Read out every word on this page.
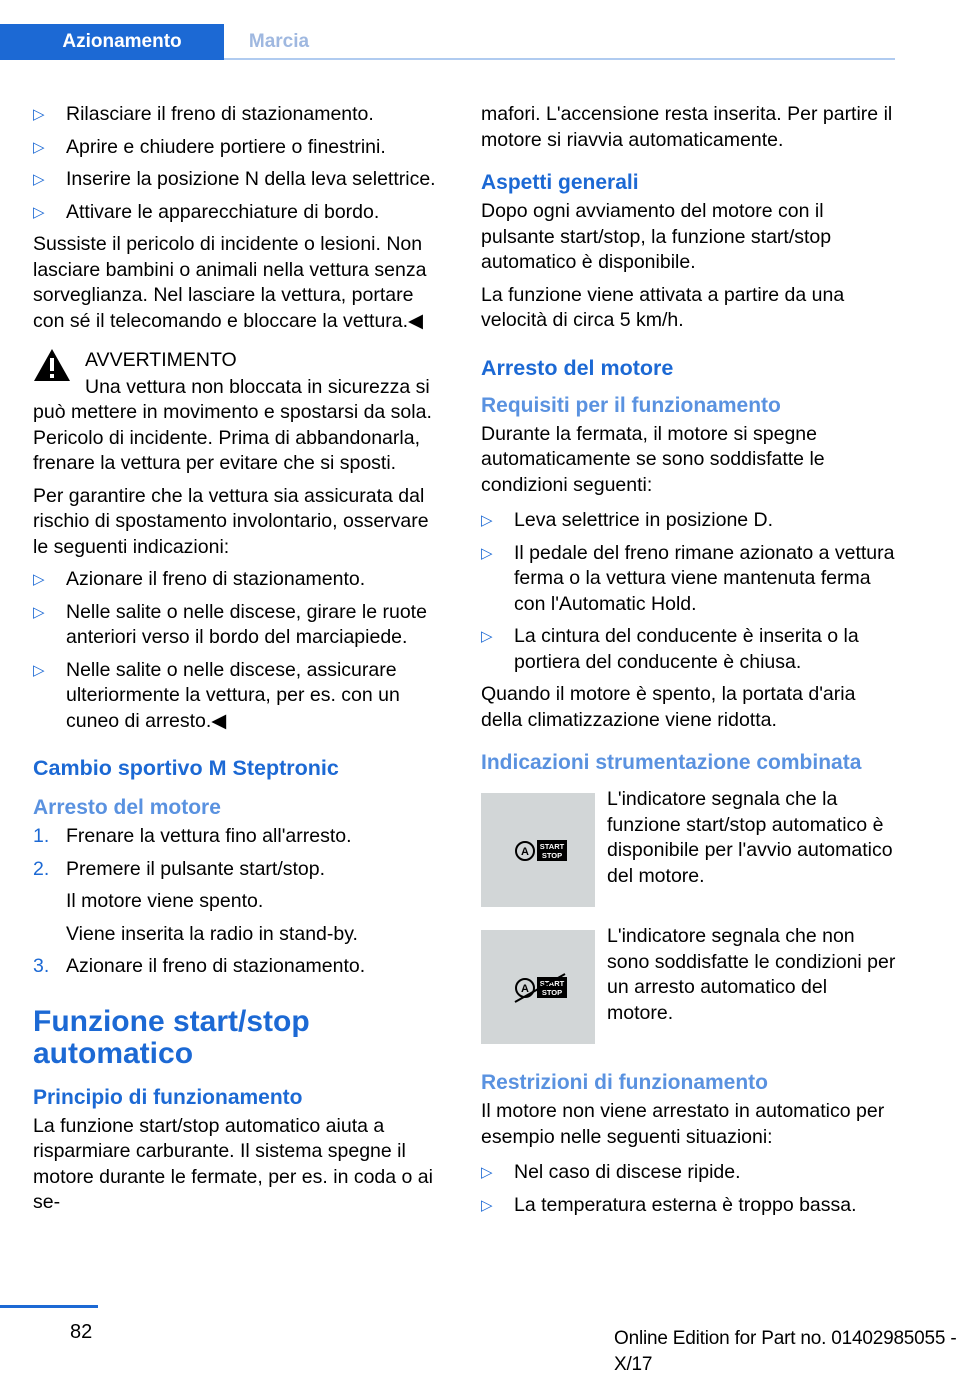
Azionamento	Marcia
▷ Rilasciare il freno di stazionamento.
▷ Aprire e chiudere portiere o finestrini.
▷ Inserire la posizione N della leva selettrice.
▷ Attivare le apparecchiature di bordo.

Sussiste il pericolo di incidente o lesioni. Non lasciare bambini o animali nella vettura senza sorveglianza. Nel lasciare la vettura, portare con sé il telecomando e bloccare la vettura.◀

AVVERTIMENTO

Una vettura non bloccata in sicurezza si può mettere in movimento e spostarsi da sola. Pericolo di incidente. Prima di abbandonarla, frenare la vettura per evitare che si sposti.

Per garantire che la vettura sia assicurata dal rischio di spostamento involontario, osservare le seguenti indicazioni:

▷ Azionare il freno di stazionamento.
▷ Nelle salite o nelle discese, girare le ruote anteriori verso il bordo del marciapiede.
▷ Nelle salite o nelle discese, assicurare ulteriormente la vettura, per es. con un cuneo di arresto.◀
Cambio sportivo M Steptronic
Arresto del motore
1. Frenare la vettura fino all'arresto.
2. Premere il pulsante start/stop.
Il motore viene spento.
Viene inserita la radio in stand-by.
3. Azionare il freno di stazionamento.
Funzione start/stop automatico
Principio di funzionamento

La funzione start/stop automatico aiuta a risparmiare carburante. Il sistema spegne il motore durante le fermate, per es. in coda o ai se-

mafori. L'accensione resta inserita. Per partire il motore si riavvia automaticamente.

Aspetti generali

Dopo ogni avviamento del motore con il pulsante start/stop, la funzione start/stop automatico è disponibile.

La funzione viene attivata a partire da una velocità di circa 5 km/h.

Arresto del motore
Requisiti per il funzionamento

Durante la fermata, il motore si spegne automaticamente se sono soddisfatte le condizioni seguenti:

▷ Leva selettrice in posizione D.
▷ Il pedale del freno rimane azionato a vettura ferma o la vettura viene mantenuta ferma con l'Automatic Hold.
▷ La cintura del conducente è inserita o la portiera del conducente è chiusa.

Quando il motore è spento, la portata d'aria della climatizzazione viene ridotta.

Indicazioni strumentazione combinata
A START
STOP
L'indicatore segnala che la funzione start/stop automatico è disponibile per l'avvio automatico del motore.
A START
STOP
L'indicatore segnala che non sono soddisfatte le condizioni per un arresto automatico del motore.
Restrizioni di funzionamento

Il motore non viene arrestato in automatico per esempio nelle seguenti situazioni:

▷ Nel caso di discese ripide.
▷ La temperatura esterna è troppo bassa.
82	Online Edition for Part no. 01402985055 - X/17
